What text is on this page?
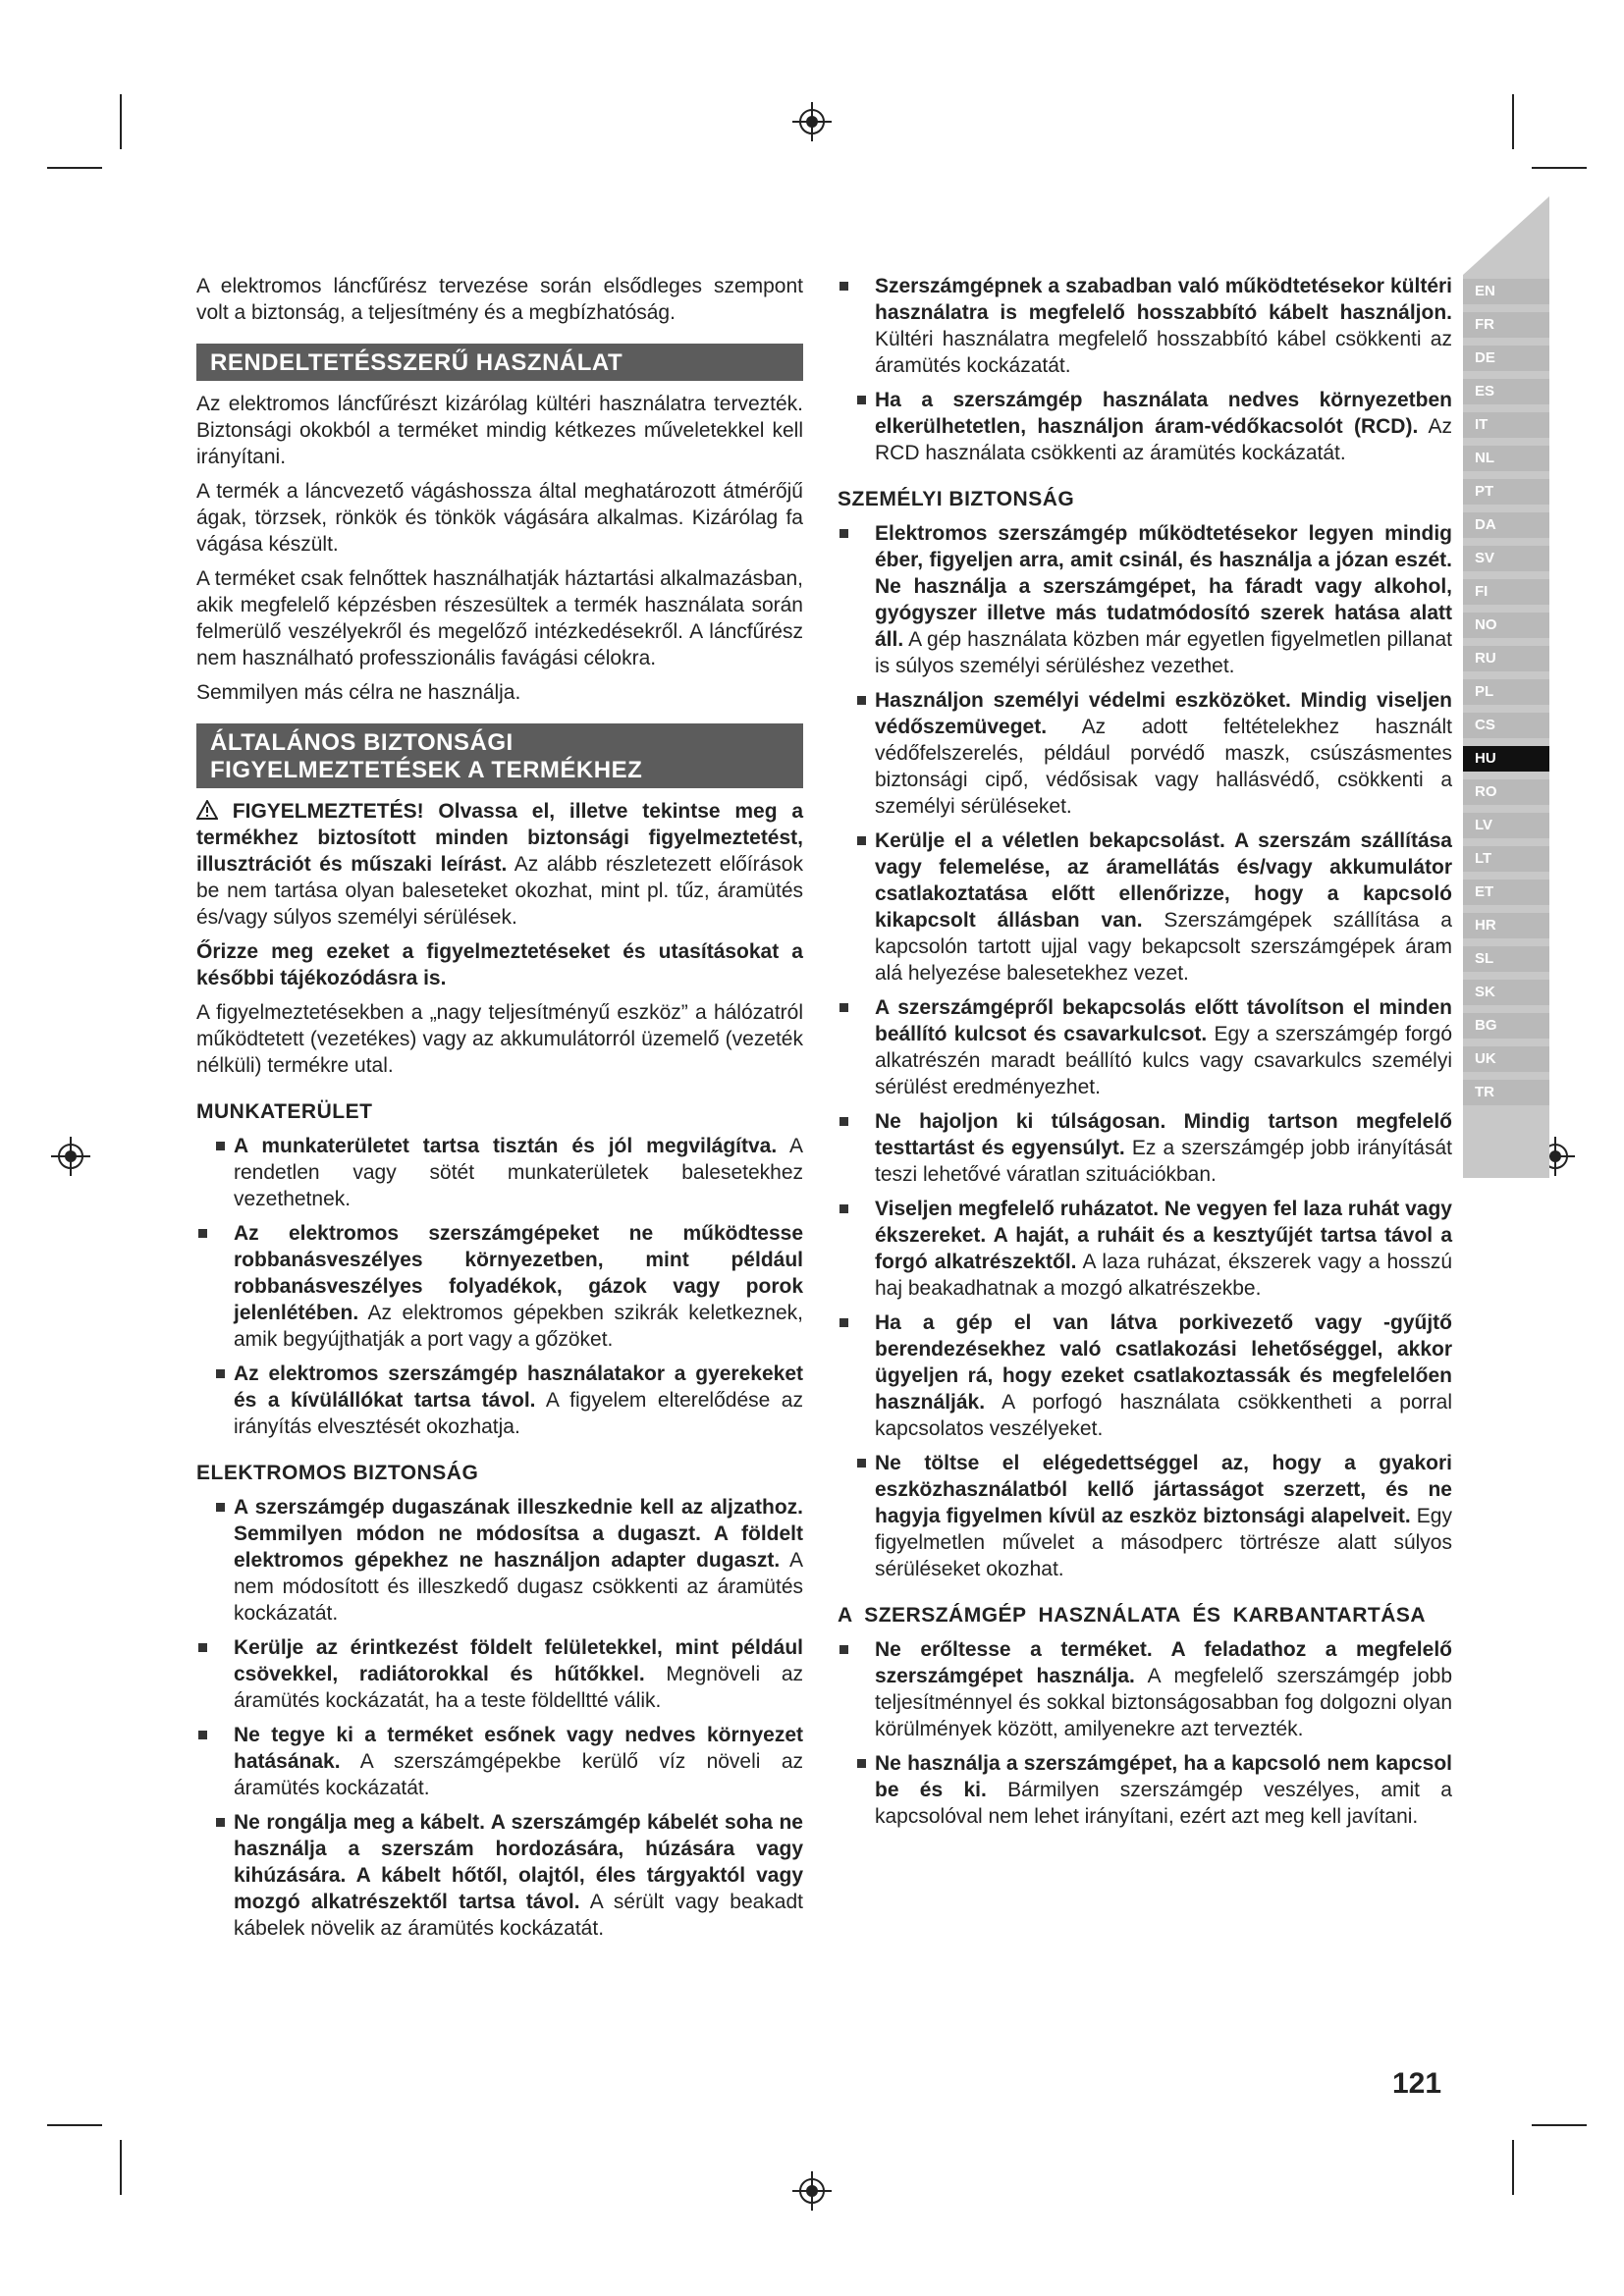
A elektromos láncfűrész tervezése során elsődleges szempont volt a biztonság, a teljesítmény és a megbízhatóság.

RENDELTETÉSSZERŰ HASZNÁLAT

Az elektromos láncfűrészt kizárólag kültéri használatra tervezték. Biztonsági okokból a terméket mindig kétkezes műveletekkel kell irányítani.

A termék a láncvezető vágáshossza által meghatározott átmérőjű ágak, törzsek, rönkök és tönkök vágására alkalmas. Kizárólag fa vágása készült.

A terméket csak felnőttek használhatják háztartási alkalmazásban, akik megfelelő képzésben részesültek a termék használata során felmerülő veszélyekről és megelőző intézkedésekről. A láncfűrész nem használható professzionális favágási célokra.

Semmilyen más célra ne használja.

ÁLTALÁNOS BIZTONSÁGI
FIGYELMEZTETÉSEK A TERMÉKHEZ

FIGYELMEZTETÉS! Olvassa el, illetve tekintse meg a termékhez biztosított minden biztonsági figyelmeztetést, illusztrációt és műszaki leírást. Az alább részletezett előírások be nem tartása olyan baleseteket okozhat, mint pl. tűz, áramütés és/vagy súlyos személyi sérülések.

Őrizze meg ezeket a figyelmeztetéseket és utasításokat a későbbi tájékozódásra is.

A figyelmeztetésekben a „nagy teljesítményű eszköz” a hálózatról működtetett (vezetékes) vagy az akkumulátorról üzemelő (vezeték nélküli) termékre utal.

MUNKATERÜLET
A munkaterületet tartsa tisztán és jól megvilágítva. A rendetlen vagy sötét munkaterületek balesetekhez vezethetnek.
Az elektromos szerszámgépeket ne működtesse robbanásveszélyes környezetben, mint például robbanásveszélyes folyadékok, gázok vagy porok jelenlétében. Az elektromos gépekben szikrák keletkeznek, amik begyújthatják a port vagy a gőzöket.
Az elektromos szerszámgép használatakor a gyerekeket és a kívülállókat tartsa távol. A figyelem elterelődése az irányítás elvesztését okozhatja.
ELEKTROMOS BIZTONSÁG
A szerszámgép dugaszának illeszkednie kell az aljzathoz. Semmilyen módon ne módosítsa a dugaszt. A földelt elektromos gépekhez ne használjon adapter dugaszt. A nem módosított és illeszkedő dugasz csökkenti az áramütés kockázatát.
Kerülje az érintkezést földelt felületekkel, mint például csövekkel, radiátorokkal és hűtőkkel. Megnöveli az áramütés kockázatát, ha a teste földelltté válik.
Ne tegye ki a terméket esőnek vagy nedves környezet hatásának. A szerszámgépekbe kerülő víz növeli az áramütés kockázatát.
Ne rongálja meg a kábelt. A szerszámgép kábelét soha ne használja a szerszám hordozására, húzására vagy kihúzására. A kábelt hőtől, olajtól, éles tárgyaktól vagy mozgó alkatrészektől tartsa távol. A sérült vagy beakadt kábelek növelik az áramütés kockázatát.
Szerszámgépnek a szabadban való működtetésekor kültéri használatra is megfelelő hosszabbító kábelt használjon. Kültéri használatra megfelelő hosszabbító kábel csökkenti az áramütés kockázatát.
Ha a szerszámgép használata nedves környezetben elkerülhetetlen, használjon áram-védőkacsolót (RCD). Az RCD használata csökkenti az áramütés kockázatát.
SZEMÉLYI BIZTONSÁG
Elektromos szerszámgép működtetésekor legyen mindig éber, figyeljen arra, amit csinál, és használja a józan eszét. Ne használja a szerszámgépet, ha fáradt vagy alkohol, gyógyszer illetve más tudatmódosító szerek hatása alatt áll. A gép használata közben már egyetlen figyelmetlen pillanat is súlyos személyi sérüléshez vezethet.
Használjon személyi védelmi eszközöket. Mindig viseljen védőszemüveget. Az adott feltételekhez használt védőfelszerelés, például porvédő maszk, csúszásmentes biztonsági cipő, védősisak vagy hallásvédő, csökkenti a személyi sérüléseket.
Kerülje el a véletlen bekapcsolást. A szerszám szállítása vagy felemelése, az áramellátás és/vagy akkumulátor csatlakoztatása előtt ellenőrizze, hogy a kapcsoló kikapcsolt állásban van. Szerszámgépek szállítása a kapcsolón tartott ujjal vagy bekapcsolt szerszámgépek áram alá helyezése balesetekhez vezet.
A szerszámgépről bekapcsolás előtt távolítson el minden beállító kulcsot és csavarkulcsot. Egy a szerszámgép forgó alkatrészén maradt beállító kulcs vagy csavarkulcs személyi sérülést eredményezhet.
Ne hajoljon ki túlságosan. Mindig tartson megfelelő testtartást és egyensúlyt. Ez a szerszámgép jobb irányítását teszi lehetővé váratlan szituációkban.
Viseljen megfelelő ruházatot. Ne vegyen fel laza ruhát vagy ékszereket. A haját, a ruháit és a kesztyűjét tartsa távol a forgó alkatrészektől. A laza ruházat, ékszerek vagy a hosszú haj beakadhatnak a mozgó alkatrészekbe.
Ha a gép el van látva porkivezető vagy -gyűjtő berendezésekhez való csatlakozási lehetőséggel, akkor ügyeljen rá, hogy ezeket csatlakoztassák és megfelelően használják. A porfogó használata csökkentheti a porral kapcsolatos veszélyeket.
Ne töltse el elégedettséggel az, hogy a gyakori eszközhasználatból kellő jártasságot szerzett, és ne hagyja figyelmen kívül az eszköz biztonsági alapelveit. Egy figyelmetlen művelet a másodperc törtrésze alatt súlyos sérüléseket okozhat.
A SZERSZÁMGÉP HASZNÁLATA ÉS KARBANTARTÁSA
Ne erőltesse a terméket. A feladathoz a megfelelő szerszámgépet használja. A megfelelő szerszámgép jobb teljesítménnyel és sokkal biztonságosabban fog dolgozni olyan körülmények között, amilyenekre azt tervezték.
Ne használja a szerszámgépet, ha a kapcsoló nem kapcsol be és ki. Bármilyen szerszámgép veszélyes, amit a kapcsolóval nem lehet irányítani, ezért azt meg kell javítani.
EN
FR
DE
ES
IT
NL
PT
DA
SV
FI
NO
RU
PL
CS
HU
RO
LV
LT
ET
HR
SL
SK
BG
UK
TR
121
